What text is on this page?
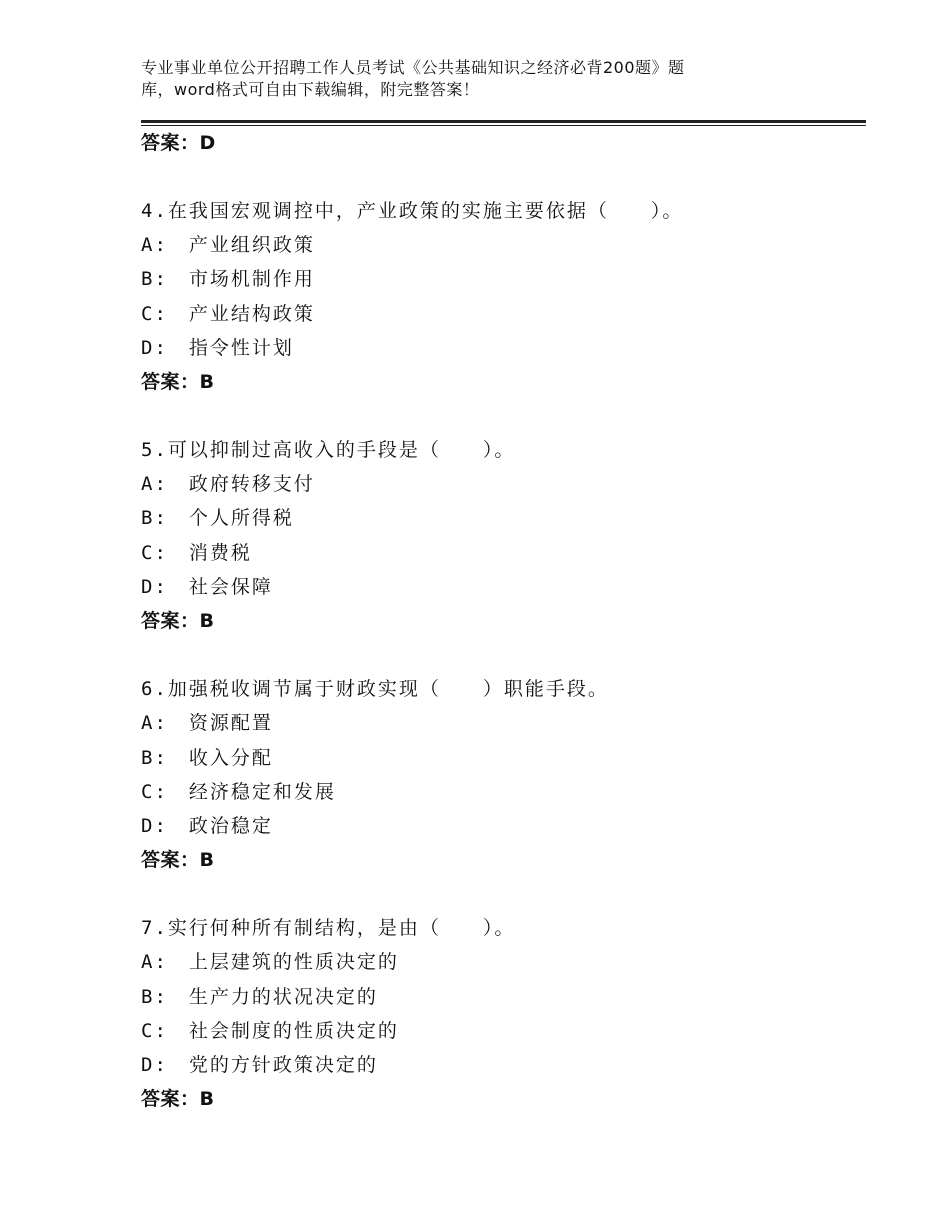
专业事业单位公开招聘工作人员考试《公共基础知识之经济必背200题》题
库，word格式可自由下载编辑，附完整答案！
答案：D
4.在我国宏观调控中，产业政策的实施主要依据（　　）。
A:　产业组织政策
B:　市场机制作用
C:　产业结构政策
D:　指令性计划
答案：B
5.可以抑制过高收入的手段是（　　）。
A:　政府转移支付
B:　个人所得税
C:　消费税
D:　社会保障
答案：B
6.加强税收调节属于财政实现（　　）职能手段。
A:　资源配置
B:　收入分配
C:　经济稳定和发展
D:　政治稳定
答案：B
7.实行何种所有制结构，是由（　　）。
A:　上层建筑的性质决定的
B:　生产力的状况决定的
C:　社会制度的性质决定的
D:　党的方针政策决定的
答案：B
